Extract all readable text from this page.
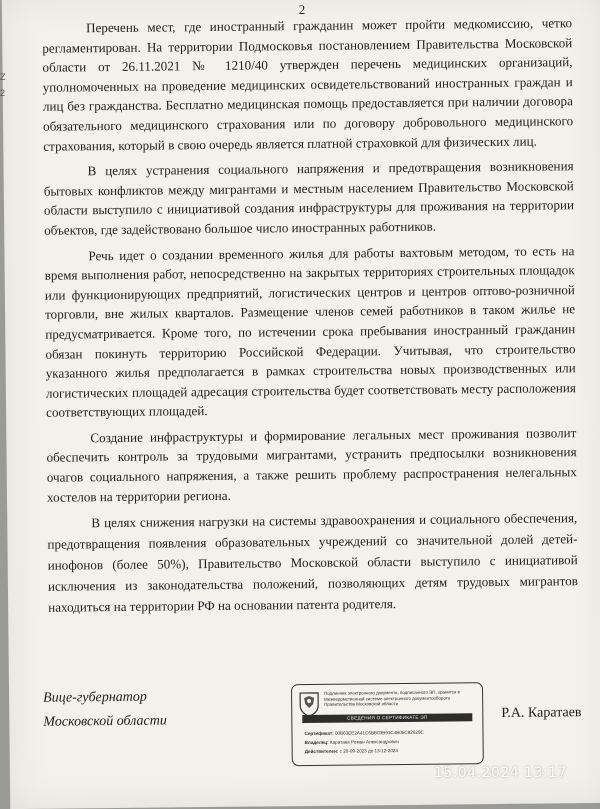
2

Перечень мест, где иностранный гражданин может пройти медкомиссию, четко регламентирован. На территории Подмосковья постановлением Правительства Московской области от 26.11.2021 № 1210/40 утвержден перечень медицинских организаций, уполномоченных на проведение медицинских освидетельствований иностранных граждан и лиц без гражданства. Бесплатно медицинская помощь предоставляется при наличии договора обязательного медицинского страхования или по договору добровольного медицинского страхования, который в свою очередь является платной страховкой для физических лиц.

В целях устранения социального напряжения и предотвращения возникновения бытовых конфликтов между мигрантами и местным населением Правительство Московской области выступило с инициативой создания инфраструктуры для проживания на территории объектов, где задействовано большое число иностранных работников.

Речь идет о создании временного жилья для работы вахтовым методом, то есть на время выполнения работ, непосредственно на закрытых территориях строительных площадок или функционирующих предприятий, логистических центров и центров оптово-розничной торговли, вне жилых кварталов. Размещение членов семей работников в таком жилье не предусматривается. Кроме того, по истечении срока пребывания иностранный гражданин обязан покинуть территорию Российской Федерации. Учитывая, что строительство указанного жилья предполагается в рамках строительства новых производственных или логистических площадей адресация строительства будет соответствовать месту расположения соответствующих площадей.

Создание инфраструктуры и формирование легальных мест проживания позволит обеспечить контроль за трудовыми мигрантами, устранить предпосылки возникновения очагов социального напряжения, а также решить проблему распространения нелегальных хостелов на территории региона.

В целях снижения нагрузки на системы здравоохранения и социального обеспечения, предотвращения появления образовательных учреждений со значительной долей детей-инофонов (более 50%), Правительство Московской области выступило с инициативой исключения из законодательства положений, позволяющих детям трудовых мигрантов находиться на территории РФ на основании патента родителя.

Вице-губернатор
Московской области
Подлинник электронного документа, подписанного ЭП, хранится в Межведомственной системе электронного документооборота Правительства Московской области
СВЕДЕНИЯ О СЕРТИФИКАТЕ ЭП
Сертификат: 00B63EE2A41C6BB03B91C4B05C82629C
Владелец: Каратаев Роман Александрович
Действителен: с 20-09-2023 до 13-12-2024
Р.А. Каратаев
Z
2
15.04.2024 13:17
